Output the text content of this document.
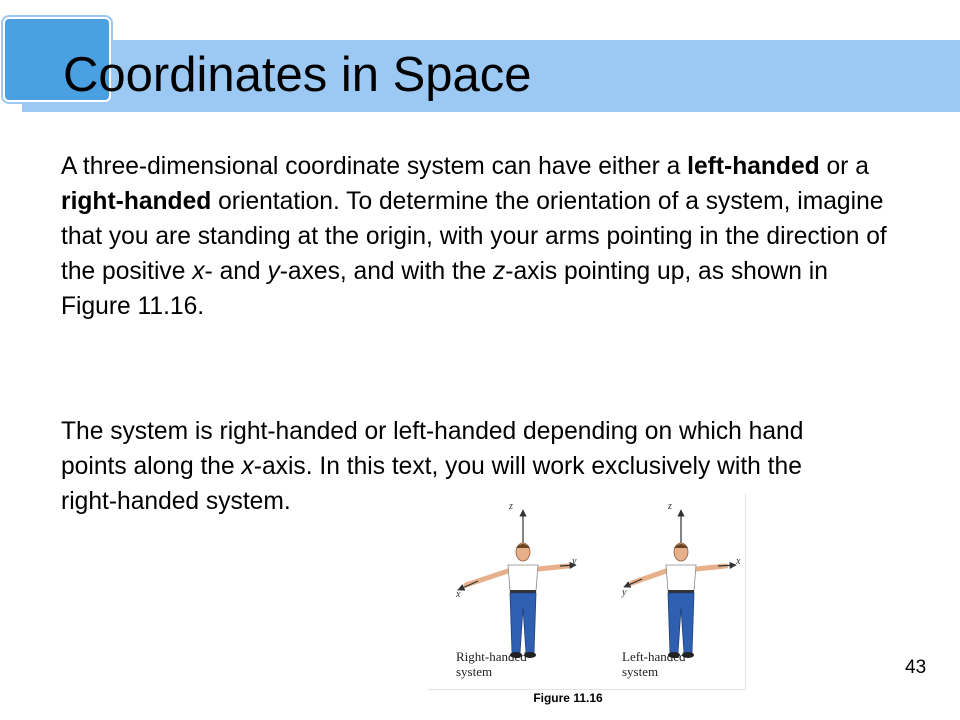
Coordinates in Space

A three-dimensional coordinate system can have either a left-handed or a right-handed orientation. To determine the orientation of a system, imagine that you are standing at the origin, with your arms pointing in the direction of the positive x- and y-axes, and with the z-axis pointing up, as shown in Figure 11.16.

The system is right-handed or left-handed depending on which hand points along the x-axis. In this text, you will work exclusively with the
right-handed system.	z
y
x
z
x
y
Right-handed
system
Left-handed
system
Figure 11.16
43
